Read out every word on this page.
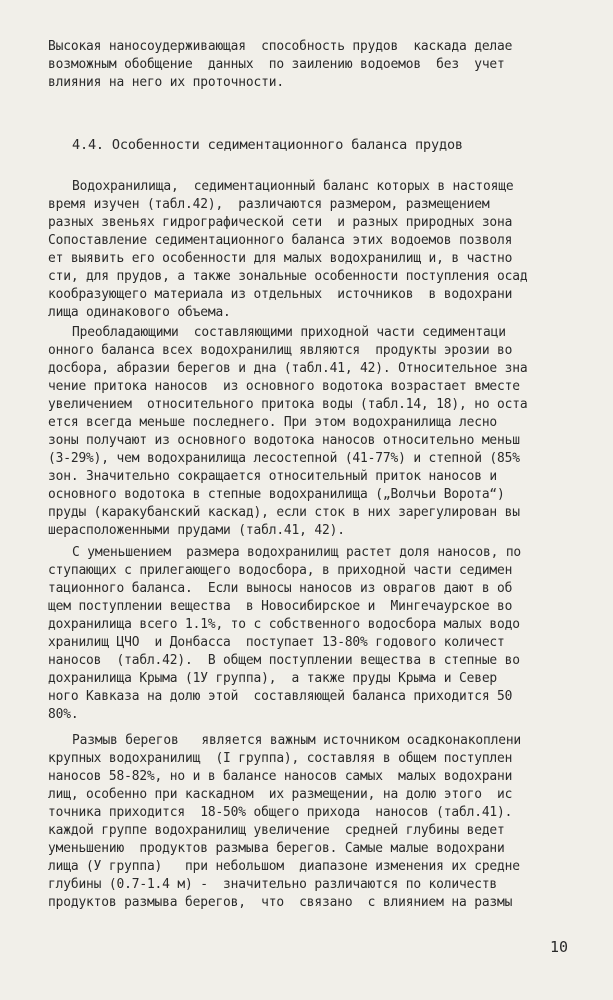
Высокая наносоудерживающая  способность прудов  каскада делае
возможным обобщение  данных  по заилению водоемов  без  учет
влияния на него их проточности.
4.4. Особенности седиментационного баланса прудов
Водохранилища,  седиментационный баланс которых в настояще
время изучен (табл.42),  различаются размером, размещением
разных звеньях гидрографической сети  и разных природных зона
Сопоставление седиментационного баланса этих водоемов позволя
ет выявить его особенности для малых водохранилищ и, в частно
сти, для прудов, а также зональные особенности поступления осад
кообразующего материала из отдельных  источников  в водохрани
лища одинакового объема.
Преобладающими  составляющими приходной части седиментаци
онного баланса всех водохранилищ являются  продукты эрозии во
досбора, абразии берегов и дна (табл.41, 42). Относительное зна
чение притока наносов  из основного водотока возрастает вместе
увеличением  относительного притока воды (табл.14, 18), но оста
ется всегда меньше последнего. При этом водохранилища лесно
зоны получают из основного водотока наносов относительно меньш
(3-29%), чем водохранилища лесостепной (41-77%) и степной (85%
зон. Значительно сокращается относительный приток наносов и
основного водотока в степные водохранилища („Волчьи Ворота“)
пруды (каракубанский каскад), если сток в них зарегулирован вы
шерасположенными прудами (табл.41, 42).
С уменьшением  размера водохранилищ растет доля наносов, по
ступающих с прилегающего водосбора, в приходной части седимен
тационного баланса.  Если выносы наносов из оврагов дают в об
щем поступлении вещества  в Новосибирское и  Мингечаурское во
дохранилища всего 1.1%, то с собственного водосбора малых водо
хранилищ ЦЧО  и Донбасса  поступает 13-80% годового количест
наносов  (табл.42).  В общем поступлении вещества в степные во
дохранилища Крыма (1У группа),  а также пруды Крыма и Север
ного Кавказа на долю этой  составляющей баланса приходится 50
80%.
Размыв берегов   является важным источником осадконакоплени
крупных водохранилищ  (I группа), составляя в общем поступлен
наносов 58-82%, но и в балансе наносов самых  малых водохрани
лищ, особенно при каскадном  их размещении, на долю этого  ис
точника приходится  18-50% общего прихода  наносов (табл.41).
каждой группе водохранилищ увеличение  средней глубины ведет
уменьшению  продуктов размыва берегов. Самые малые водохрани
лища (У группа)   при небольшом  диапазоне изменения их средне
глубины (0.7-1.4 м) -  значительно различаются по количеств
продуктов размыва берегов,  что  связано  с влиянием на размы
10
